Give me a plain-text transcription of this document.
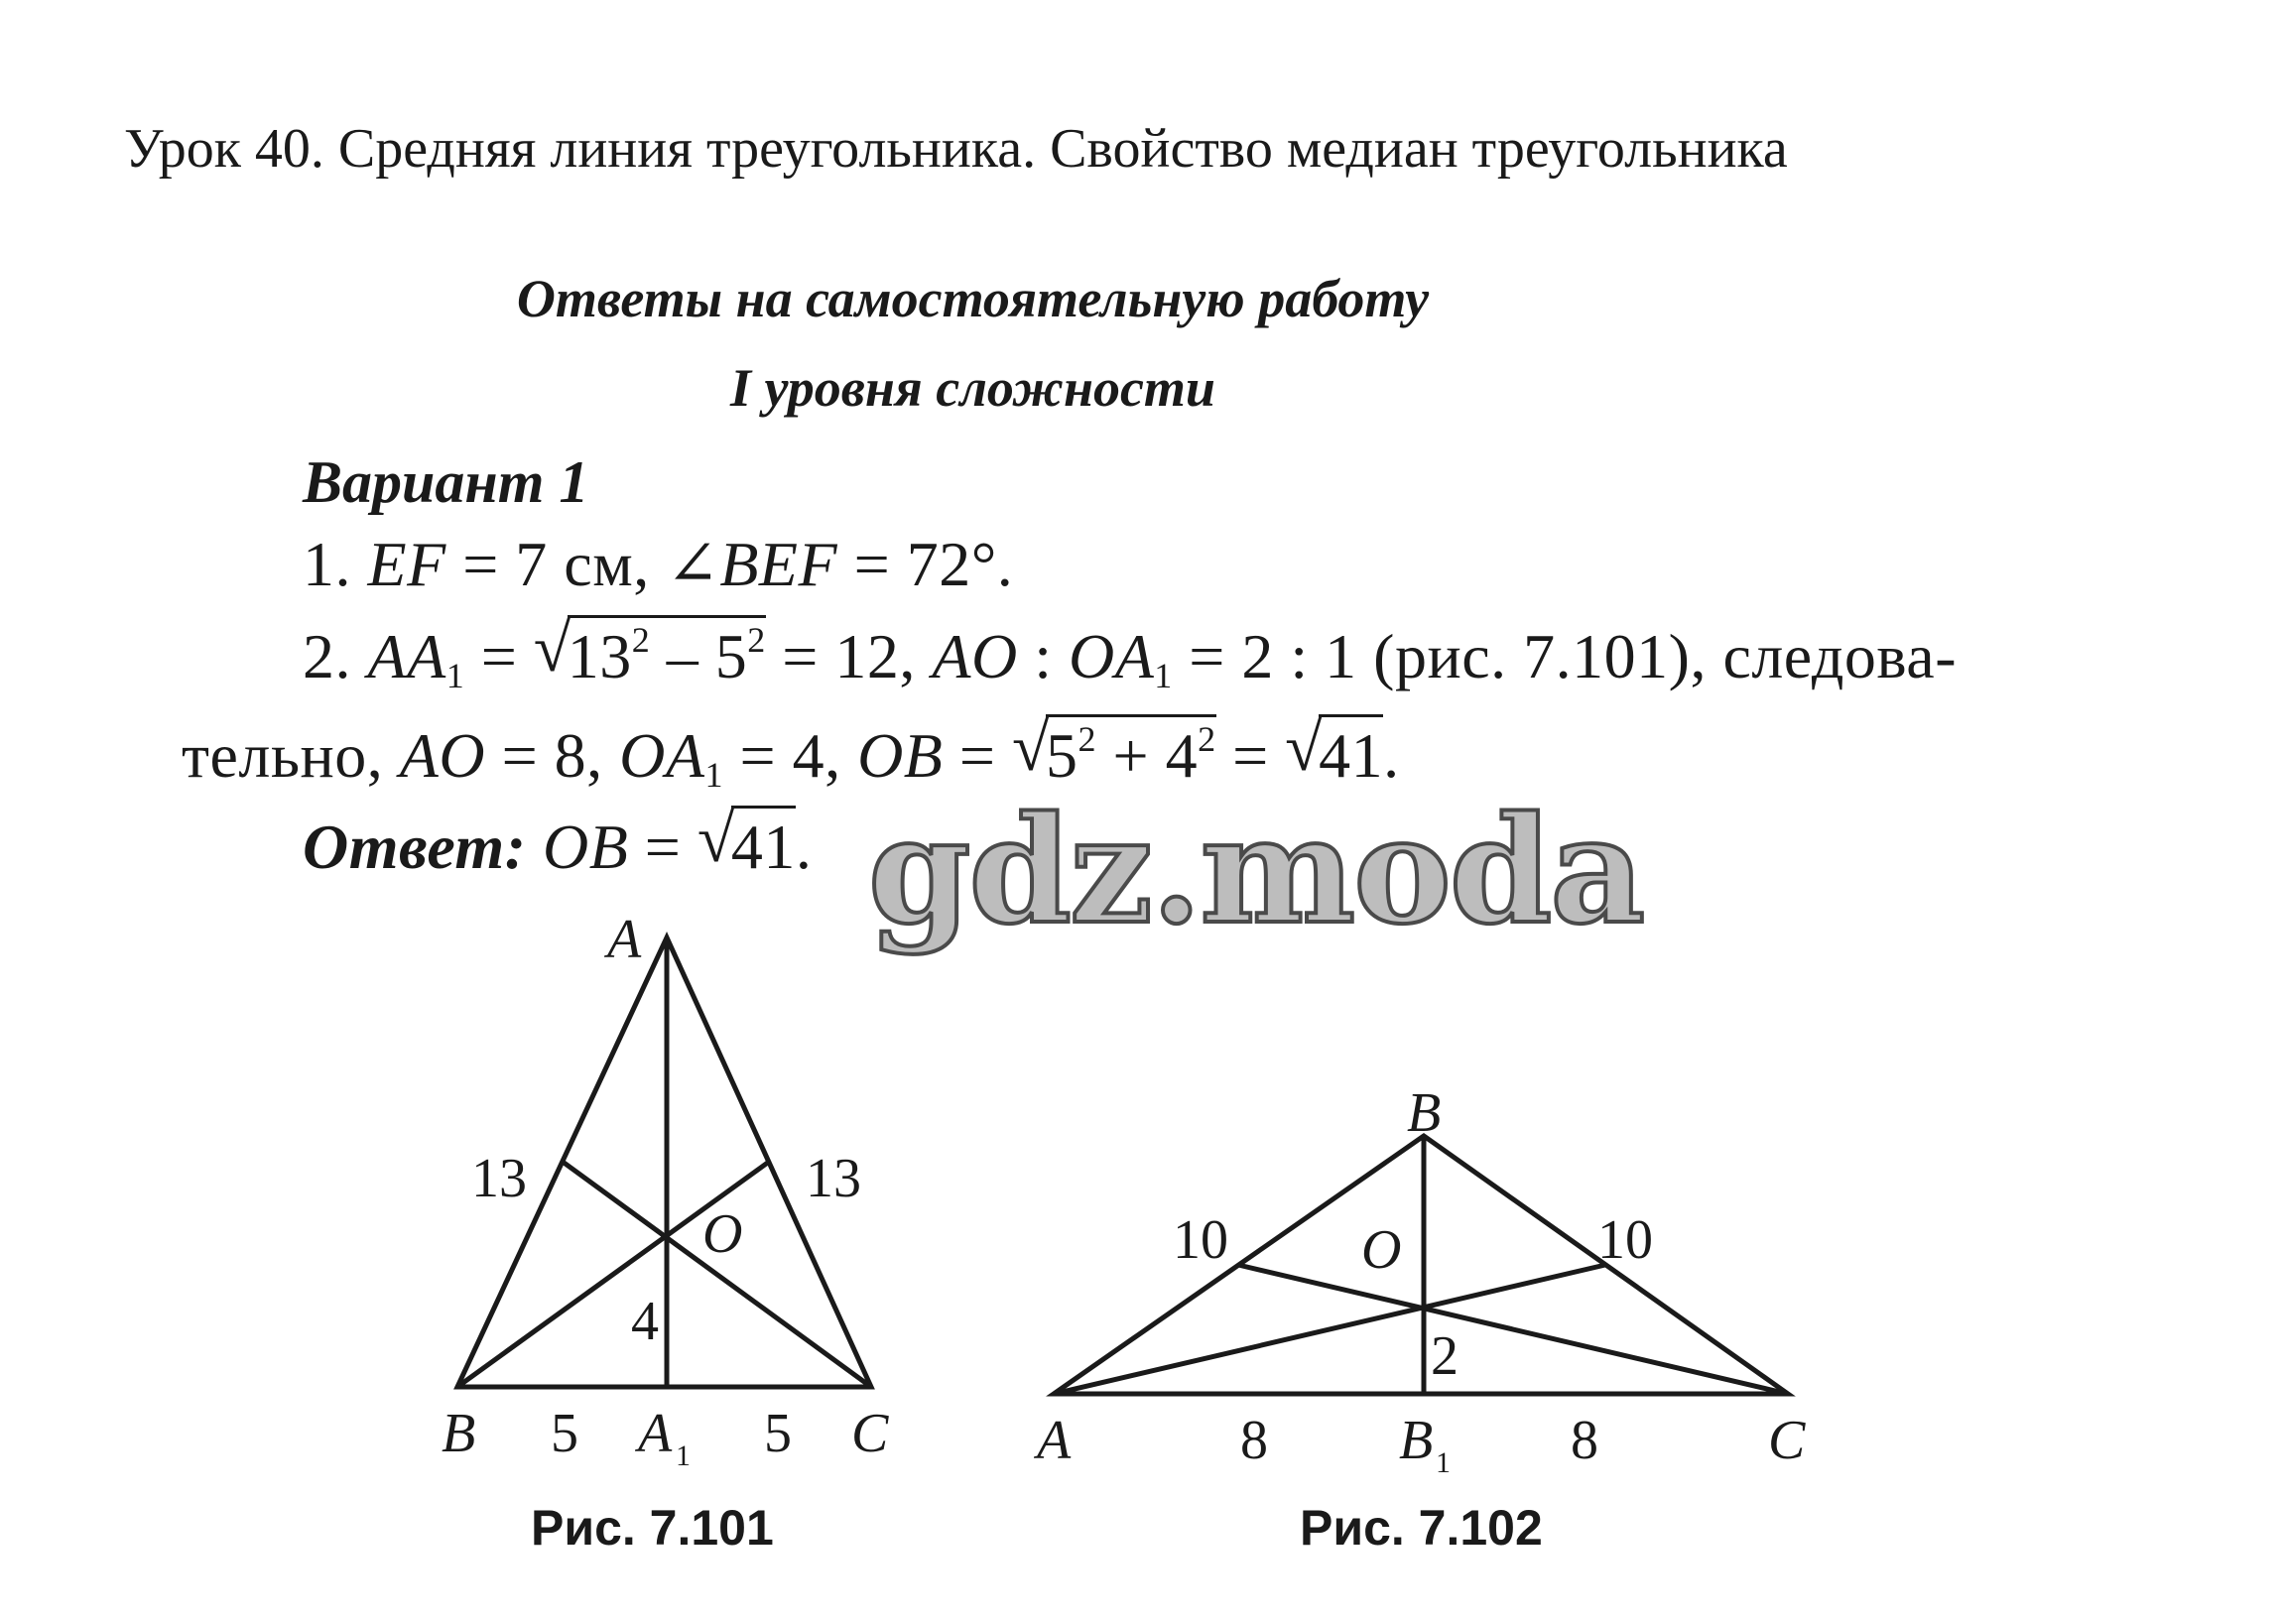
Урок 40. Средняя линия треугольника. Свойство медиан треугольника
Ответы на самостоятельную работу
I уровня сложности
Вариант 1
1. EF = 7 см, ∠BEF = 72°.
2. $AA_1$ = √ $13^2 - 5^2 = 12$, AO : $OA_1 = 2$ : 1 (рис. 7.101), следова-
тельно, AO = 8, $OA_1 = 4$, OB = √ $5^2 + 4^2$ = √ 41.
Ответ: OB = √ 41. gdz.moda
A
B	C
A 1
O
13	13
5	5
4
Рис. 7.101
B
A	C
B 1
O
10	10
8	8
2
Рис. 7.102
